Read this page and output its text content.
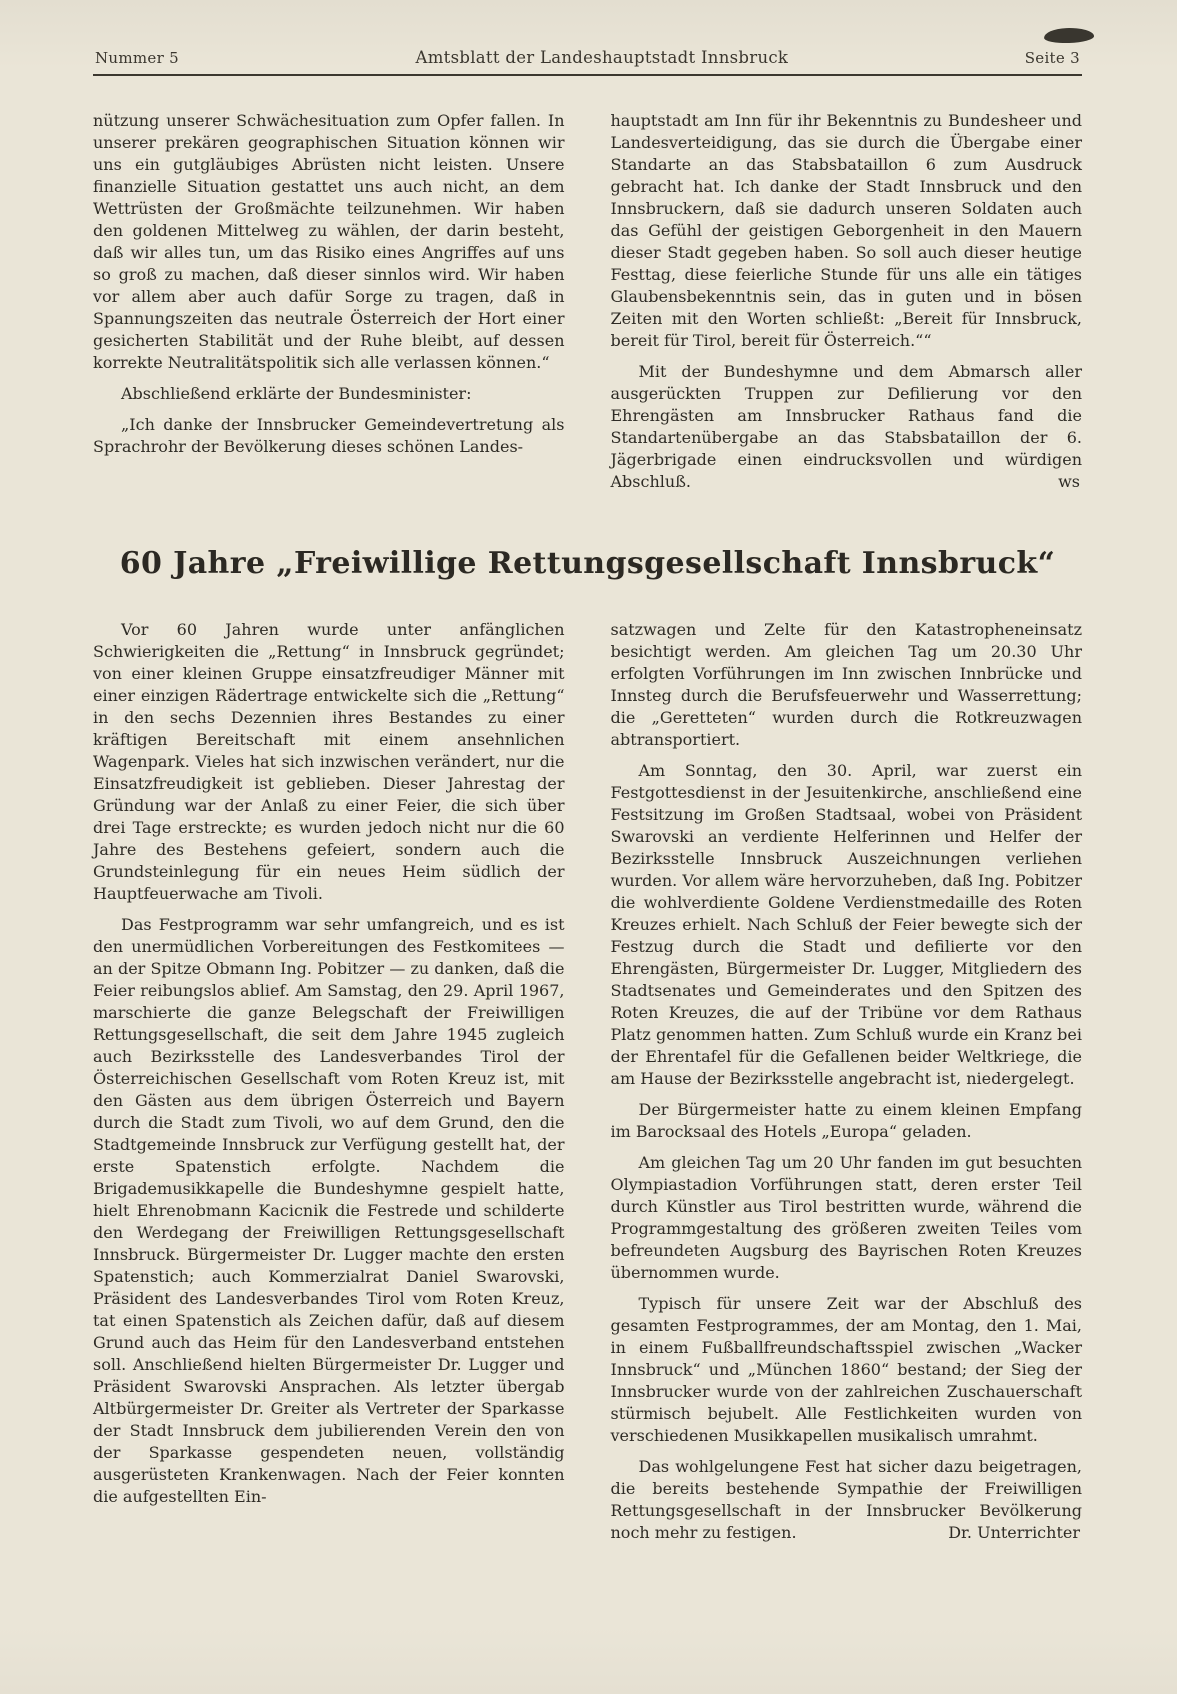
Nummer 5	Amtsblatt der Landeshauptstadt Innsbruck	Seite 3

nützung unserer Schwächesituation zum Opfer fallen. In unserer prekären geographischen Situation können wir uns ein gutgläubiges Abrüsten nicht leisten. Unsere finanzielle Situation gestattet uns auch nicht, an dem Wettrüsten der Großmächte teilzunehmen. Wir haben den goldenen Mittelweg zu wählen, der darin besteht, daß wir alles tun, um das Risiko eines Angriffes auf uns so groß zu machen, daß dieser sinnlos wird. Wir haben vor allem aber auch dafür Sorge zu tragen, daß in Spannungszeiten das neutrale Österreich der Hort einer gesicherten Stabilität und der Ruhe bleibt, auf dessen korrekte Neutralitätspolitik sich alle verlassen können.“

Abschließend erklärte der Bundesminister:

„Ich danke der Innsbrucker Gemeindevertretung als Sprachrohr der Bevölkerung dieses schönen Landes-

hauptstadt am Inn für ihr Bekenntnis zu Bundesheer und Landesverteidigung, das sie durch die Übergabe einer Standarte an das Stabsbataillon 6 zum Ausdruck gebracht hat. Ich danke der Stadt Innsbruck und den Innsbruckern, daß sie dadurch unseren Soldaten auch das Gefühl der geistigen Geborgenheit in den Mauern dieser Stadt gegeben haben. So soll auch dieser heutige Festtag, diese feierliche Stunde für uns alle ein tätiges Glaubensbekenntnis sein, das in guten und in bösen Zeiten mit den Worten schließt: „Bereit für Innsbruck, bereit für Tirol, bereit für Österreich.““

Mit der Bundeshymne und dem Abmarsch aller ausgerückten Truppen zur Defilierung vor den Ehrengästen am Innsbrucker Rathaus fand die Standartenübergabe an das Stabsbataillon der 6. Jägerbrigade einen eindrucksvollen und würdigen Abschluß.	ws

60 Jahre „Freiwillige Rettungsgesellschaft Innsbruck“

Vor 60 Jahren wurde unter anfänglichen Schwierigkeiten die „Rettung“ in Innsbruck gegründet; von einer kleinen Gruppe einsatzfreudiger Männer mit einer einzigen Rädertrage entwickelte sich die „Rettung“ in den sechs Dezennien ihres Bestandes zu einer kräftigen Bereitschaft mit einem ansehnlichen Wagenpark. Vieles hat sich inzwischen verändert, nur die Einsatzfreudigkeit ist geblieben. Dieser Jahrestag der Gründung war der Anlaß zu einer Feier, die sich über drei Tage erstreckte; es wurden jedoch nicht nur die 60 Jahre des Bestehens gefeiert, sondern auch die Grundsteinlegung für ein neues Heim südlich der Hauptfeuerwache am Tivoli.

Das Festprogramm war sehr umfangreich, und es ist den unermüdlichen Vorbereitungen des Festkomitees — an der Spitze Obmann Ing. Pobitzer — zu danken, daß die Feier reibungslos ablief. Am Samstag, den 29. April 1967, marschierte die ganze Belegschaft der Freiwilligen Rettungsgesellschaft, die seit dem Jahre 1945 zugleich auch Bezirksstelle des Landesverbandes Tirol der Österreichischen Gesellschaft vom Roten Kreuz ist, mit den Gästen aus dem übrigen Österreich und Bayern durch die Stadt zum Tivoli, wo auf dem Grund, den die Stadtgemeinde Innsbruck zur Verfügung gestellt hat, der erste Spatenstich erfolgte. Nachdem die Brigademusikkapelle die Bundeshymne gespielt hatte, hielt Ehrenobmann Kacicnik die Festrede und schilderte den Werdegang der Freiwilligen Rettungsgesellschaft Innsbruck. Bürgermeister Dr. Lugger machte den ersten Spatenstich; auch Kommerzialrat Daniel Swarovski, Präsident des Landesverbandes Tirol vom Roten Kreuz, tat einen Spatenstich als Zeichen dafür, daß auf diesem Grund auch das Heim für den Landesverband entstehen soll. Anschließend hielten Bürgermeister Dr. Lugger und Präsident Swarovski Ansprachen. Als letzter übergab Altbürgermeister Dr. Greiter als Vertreter der Sparkasse der Stadt Innsbruck dem jubilierenden Verein den von der Sparkasse gespendeten neuen, vollständig ausgerüsteten Krankenwagen. Nach der Feier konnten die aufgestellten Ein-

satzwagen und Zelte für den Katastropheneinsatz besichtigt werden. Am gleichen Tag um 20.30 Uhr erfolgten Vorführungen im Inn zwischen Innbrücke und Innsteg durch die Berufsfeuerwehr und Wasserrettung; die „Geretteten“ wurden durch die Rotkreuzwagen abtransportiert.

Am Sonntag, den 30. April, war zuerst ein Festgottesdienst in der Jesuitenkirche, anschließend eine Festsitzung im Großen Stadtsaal, wobei von Präsident Swarovski an verdiente Helferinnen und Helfer der Bezirksstelle Innsbruck Auszeichnungen verliehen wurden. Vor allem wäre hervorzuheben, daß Ing. Pobitzer die wohlverdiente Goldene Verdienstmedaille des Roten Kreuzes erhielt. Nach Schluß der Feier bewegte sich der Festzug durch die Stadt und defilierte vor den Ehrengästen, Bürgermeister Dr. Lugger, Mitgliedern des Stadtsenates und Gemeinderates und den Spitzen des Roten Kreuzes, die auf der Tribüne vor dem Rathaus Platz genommen hatten. Zum Schluß wurde ein Kranz bei der Ehrentafel für die Gefallenen beider Weltkriege, die am Hause der Bezirksstelle angebracht ist, niedergelegt.

Der Bürgermeister hatte zu einem kleinen Empfang im Barocksaal des Hotels „Europa“ geladen.

Am gleichen Tag um 20 Uhr fanden im gut besuchten Olympiastadion Vorführungen statt, deren erster Teil durch Künstler aus Tirol bestritten wurde, während die Programmgestaltung des größeren zweiten Teiles vom befreundeten Augsburg des Bayrischen Roten Kreuzes übernommen wurde.

Typisch für unsere Zeit war der Abschluß des gesamten Festprogrammes, der am Montag, den 1. Mai, in einem Fußballfreundschaftsspiel zwischen „Wacker Innsbruck“ und „München 1860“ bestand; der Sieg der Innsbrucker wurde von der zahlreichen Zuschauerschaft stürmisch bejubelt. Alle Festlichkeiten wurden von verschiedenen Musikkapellen musikalisch umrahmt.

Das wohlgelungene Fest hat sicher dazu beigetragen, die bereits bestehende Sympathie der Freiwilligen Rettungsgesellschaft in der Innsbrucker Bevölkerung noch mehr zu festigen.	Dr. Unterrichter
